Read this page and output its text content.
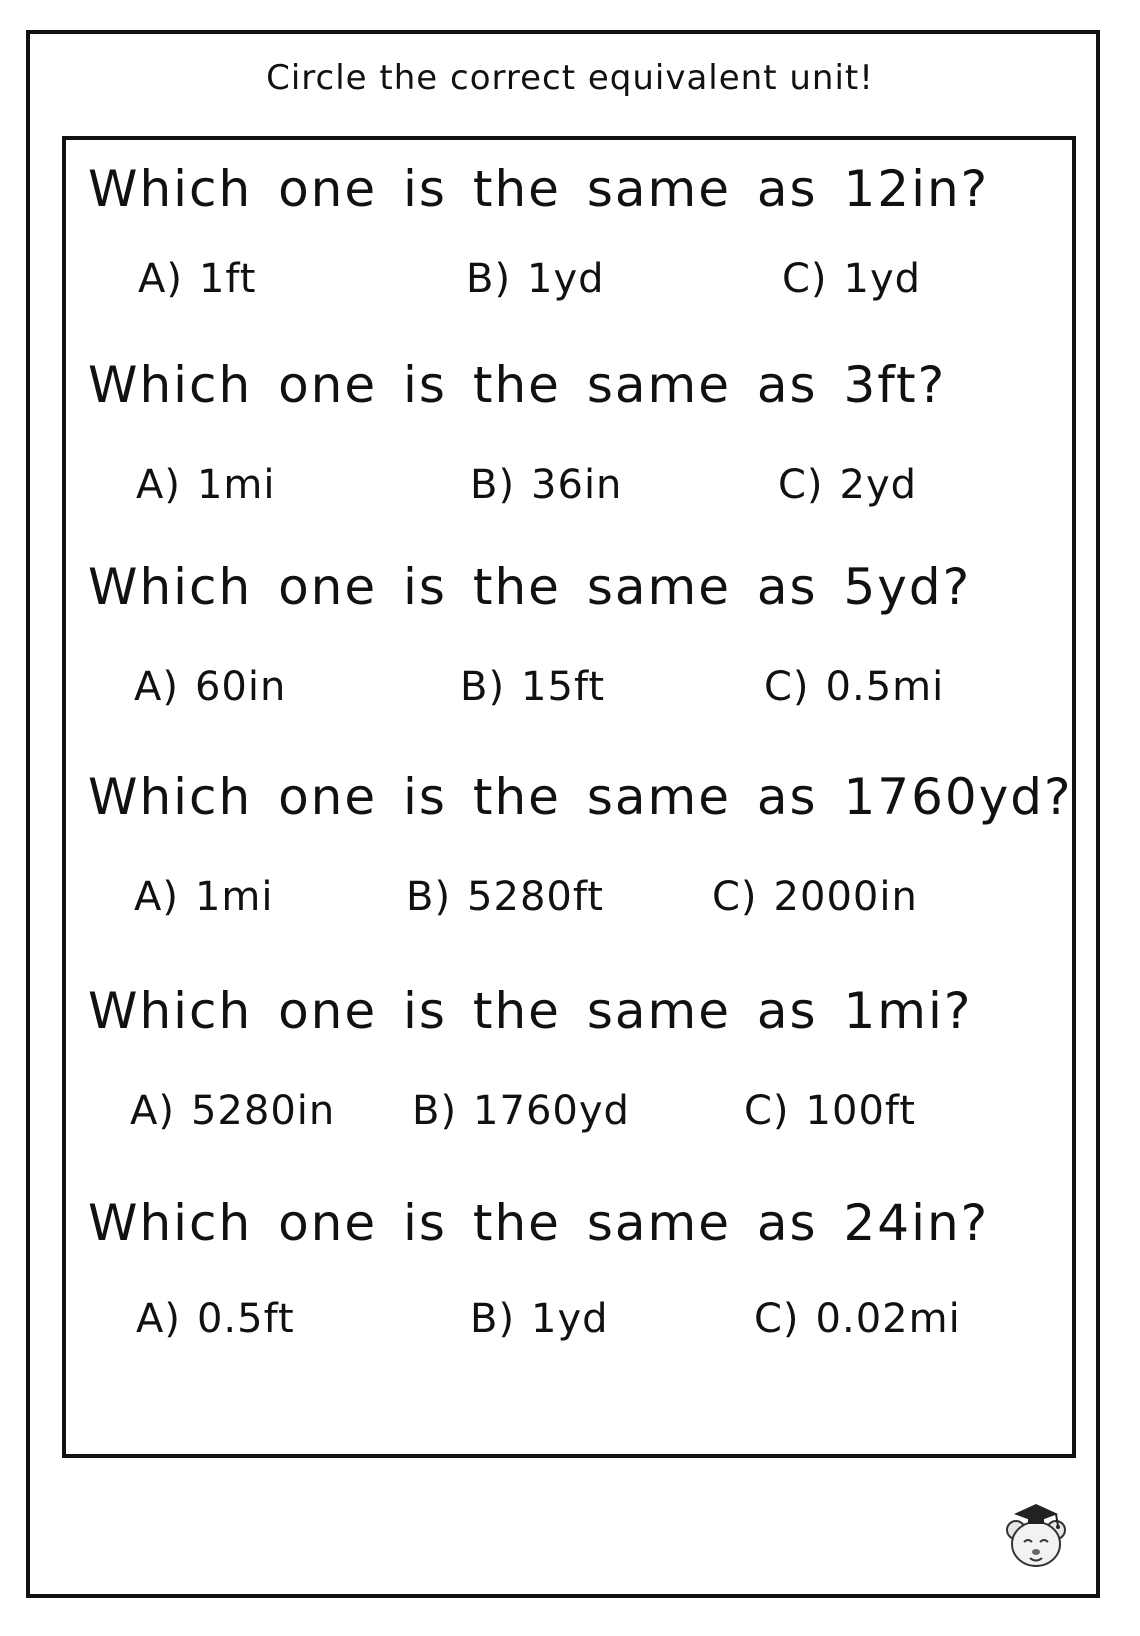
Circle the correct equivalent unit!
Which one is the same as 12in?
A) 1ft	B) 1yd	C) 1yd
Which one is the same as 3ft?
A) 1mi	B) 36in	C) 2yd
Which one is the same as 5yd?
A) 60in	B) 15ft	C) 0.5mi
Which one is the same as 1760yd?
A) 1mi	B) 5280ft	C) 2000in
Which one is the same as 1mi?
A) 5280in B) 1760yd	C) 100ft
Which one is the same as 24in?
A) 0.5ft	B) 1yd	C) 0.02mi
